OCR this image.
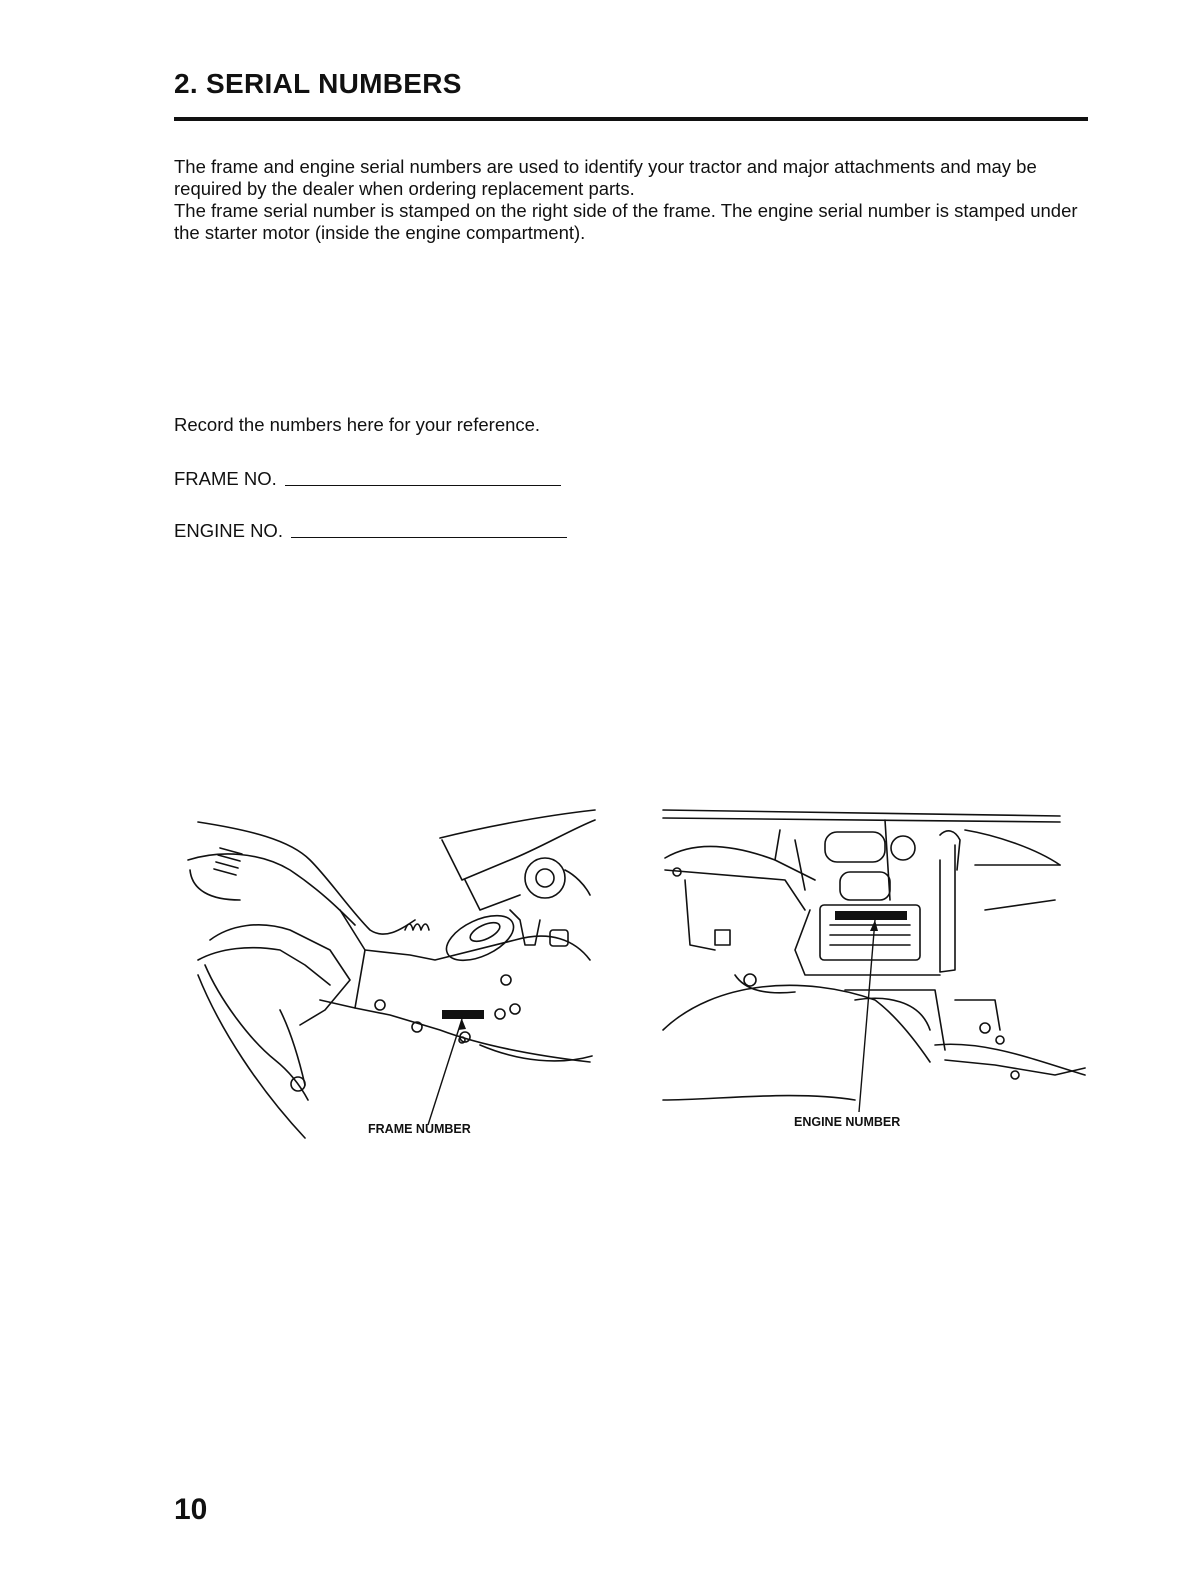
2. SERIAL NUMBERS

The frame and engine serial numbers are used to identify your tractor and major attachments and may be required by the dealer when ordering replacement parts.

The frame serial number is stamped on the right side of the frame. The engine serial number is stamped under the starter motor (inside the engine compartment).

Record the numbers here for your reference.

FRAME NO.
ENGINE NO.
FRAME NUMBER	ENGINE NUMBER
10
